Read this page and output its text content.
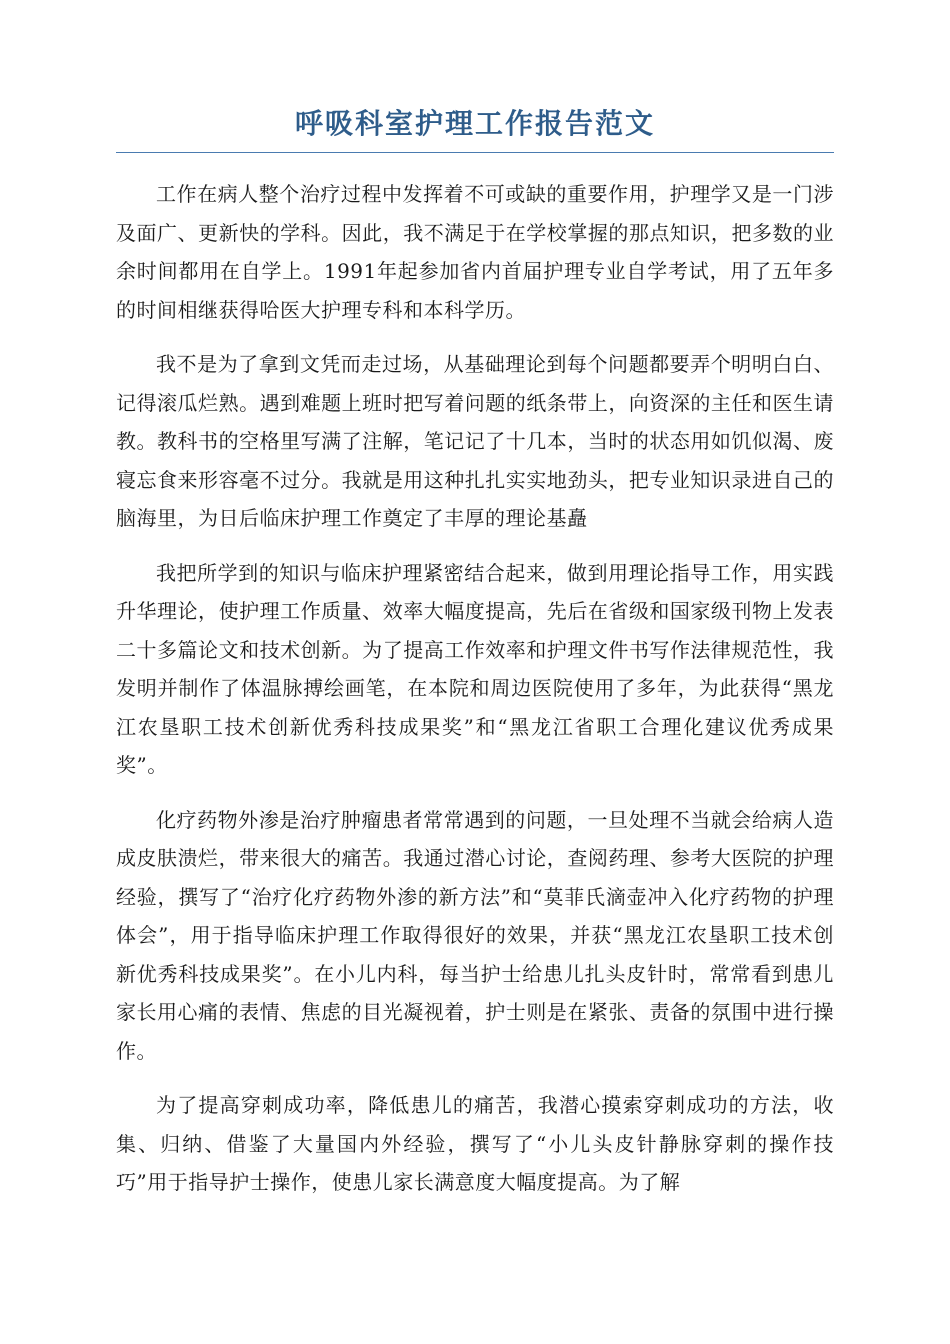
呼吸科室护理工作报告范文

工作在病人整个治疗过程中发挥着不可或缺的重要作用，护理学又是一门涉及面广、更新快的学科。因此，我不满足于在学校掌握的那点知识，把多数的业余时间都用在自学上。1991年起参加省内首届护理专业自学考试，用了五年多的时间相继获得哈医大护理专科和本科学历。

我不是为了拿到文凭而走过场，从基础理论到每个问题都要弄个明明白白、记得滚瓜烂熟。遇到难题上班时把写着问题的纸条带上，向资深的主任和医生请教。教科书的空格里写满了注解，笔记记了十几本，当时的状态用如饥似渴、废寝忘食来形容毫不过分。我就是用这种扎扎实实地劲头，把专业知识录进自己的脑海里，为日后临床护理工作奠定了丰厚的理论基矗

我把所学到的知识与临床护理紧密结合起来，做到用理论指导工作，用实践升华理论，使护理工作质量、效率大幅度提高，先后在省级和国家级刊物上发表二十多篇论文和技术创新。为了提高工作效率和护理文件书写作法律规范性，我发明并制作了体温脉搏绘画笔，在本院和周边医院使用了多年，为此获得“黑龙江农垦职工技术创新优秀科技成果奖”和“黑龙江省职工合理化建议优秀成果奖”。

化疗药物外渗是治疗肿瘤患者常常遇到的问题，一旦处理不当就会给病人造成皮肤溃烂，带来很大的痛苦。我通过潜心讨论，查阅药理、参考大医院的护理经验，撰写了“治疗化疗药物外渗的新方法”和“莫菲氏滴壶冲入化疗药物的护理体会”，用于指导临床护理工作取得很好的效果，并获“黑龙江农垦职工技术创新优秀科技成果奖”。在小儿内科，每当护士给患儿扎头皮针时，常常看到患儿家长用心痛的表情、焦虑的目光凝视着，护士则是在紧张、责备的氛围中进行操作。

为了提高穿刺成功率，降低患儿的痛苦，我潜心摸索穿刺成功的方法，收集、归纳、借鉴了大量国内外经验，撰写了“小儿头皮针静脉穿刺的操作技巧”用于指导护士操作，使患儿家长满意度大幅度提高。为了解
